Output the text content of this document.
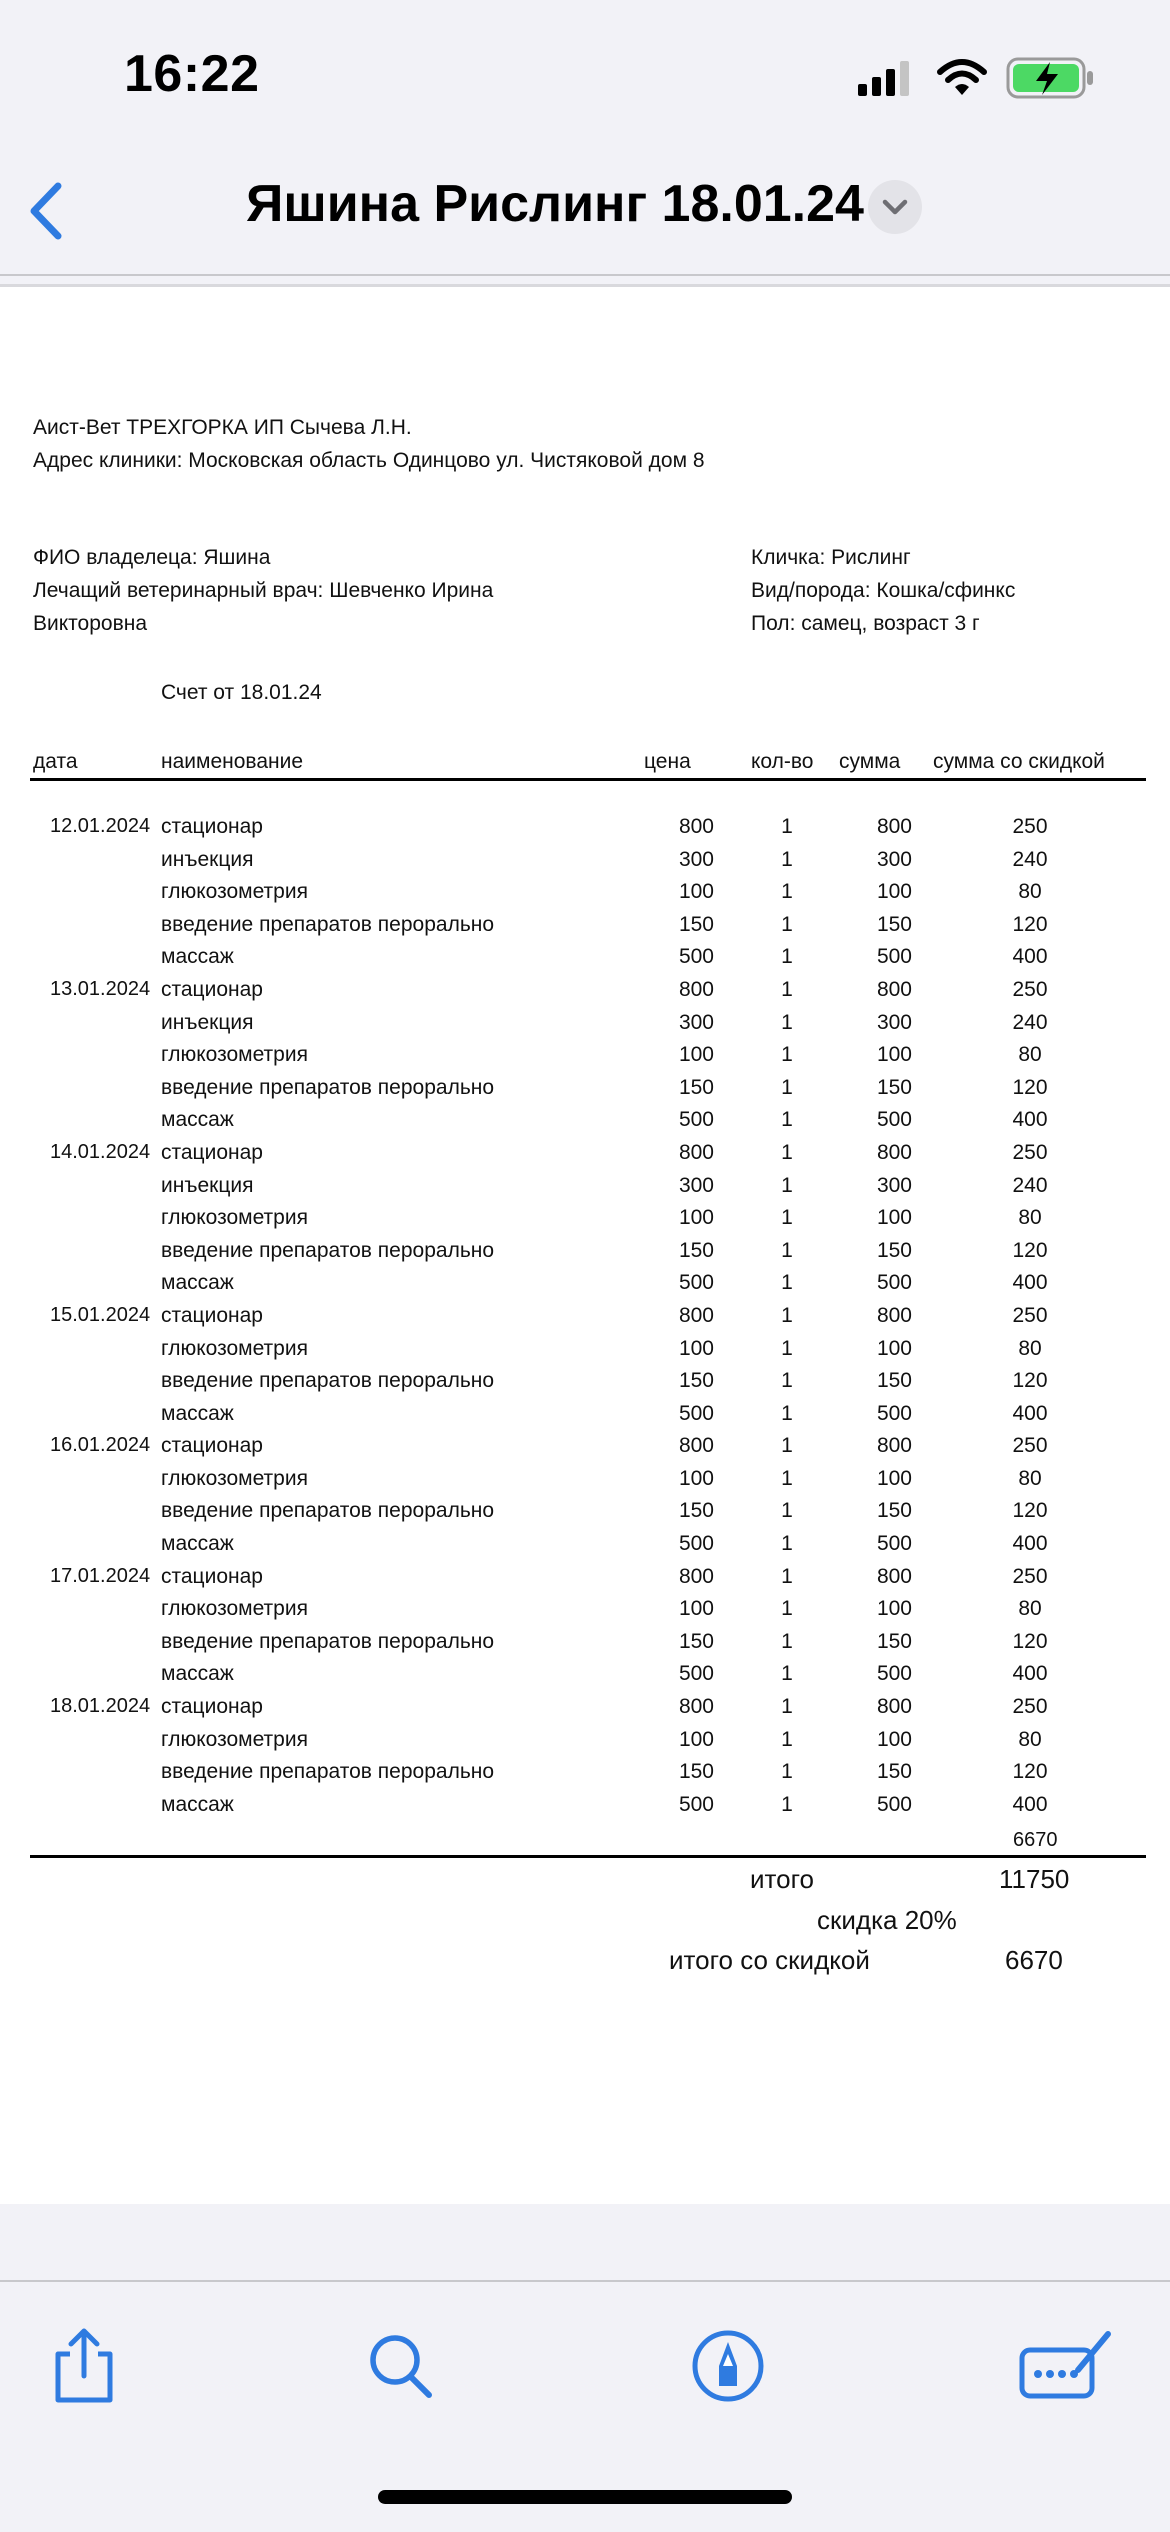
16:22
Яшина Рислинг 18.01.24
Аист-Вет ТРЕХГОРКА ИП Сычева Л.Н.
Адрес клиники: Московская область Одинцово ул. Чистяковой дом 8
ФИО владелеца: Яшина
Лечащий ветеринарный врач: Шевченко Ирина
Викторовна
Кличка: Рислинг
Вид/порода: Кошка/сфинкс
Пол: самец, возраст 3 г
Счет от 18.01.24
дата	наименование	цена	кол-во сумма сумма со скидкой
12.01.2024 стационар	800	1	800	250
инъекция	300	1	300	240
глюкозометрия	100	1	100	80
введение препаратов перорально	150	1	150	120
массаж	500	1	500	400
13.01.2024 стационар	800	1	800	250
инъекция	300	1	300	240
глюкозометрия	100	1	100	80
введение препаратов перорально	150	1	150	120
массаж	500	1	500	400
14.01.2024 стационар	800	1	800	250
инъекция	300	1	300	240
глюкозометрия	100	1	100	80
введение препаратов перорально	150	1	150	120
массаж	500	1	500	400
15.01.2024 стационар	800	1	800	250
глюкозометрия	100	1	100	80
введение препаратов перорально	150	1	150	120
массаж	500	1	500	400
16.01.2024 стационар	800	1	800	250
глюкозометрия	100	1	100	80
введение препаратов перорально	150	1	150	120
массаж	500	1	500	400
17.01.2024 стационар	800	1	800	250
глюкозометрия	100	1	100	80
введение препаратов перорально	150	1	150	120
массаж	500	1	500	400
18.01.2024 стационар	800	1	800	250
глюкозометрия	100	1	100	80
введение препаратов перорально	150	1	150	120
массаж	500	1	500	400
6670
итого	11750
скидка 20%
итого со скидкой	6670
